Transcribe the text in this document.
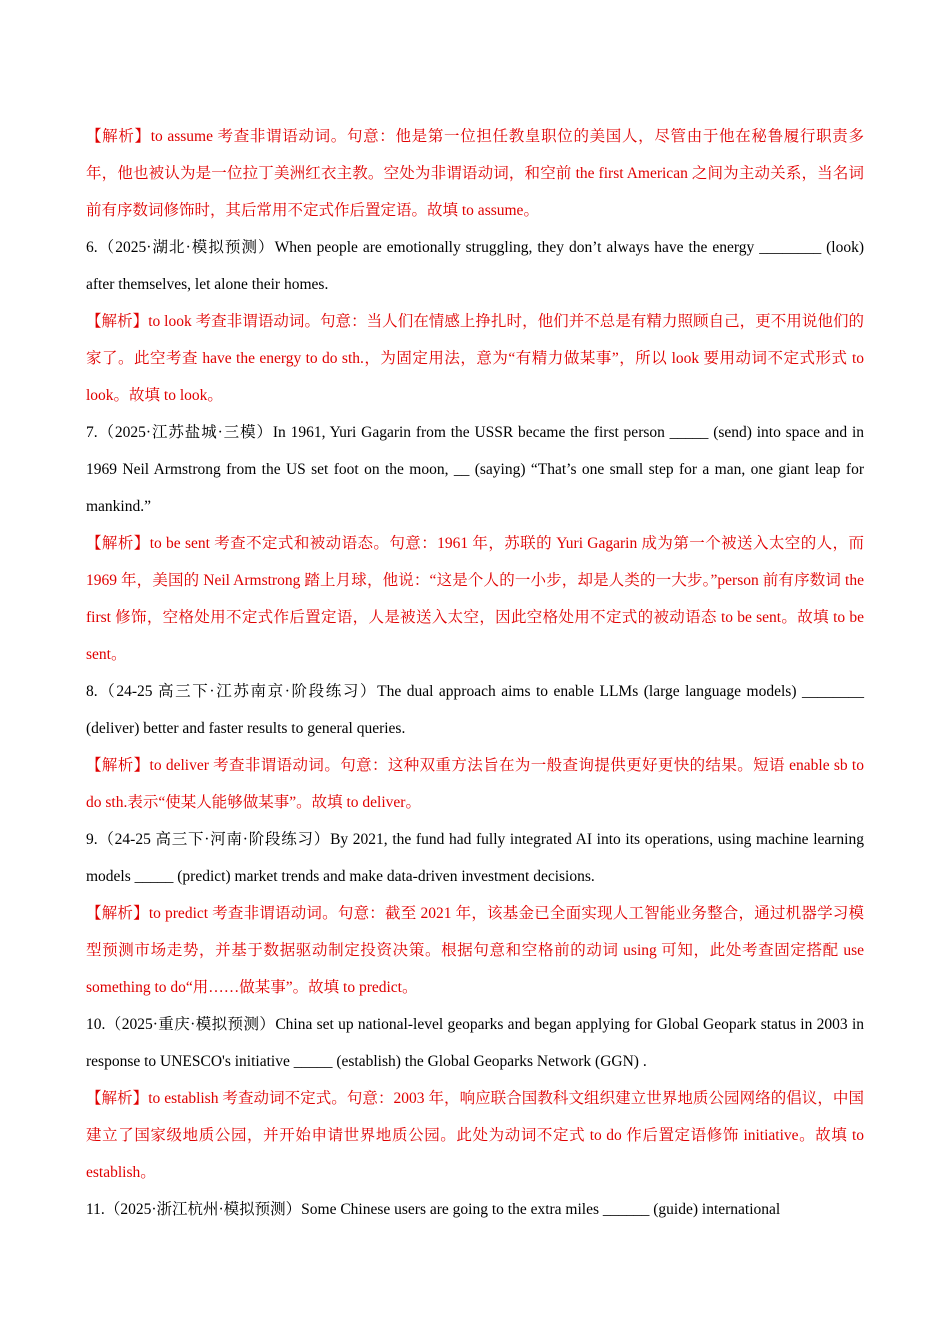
【解析】to assume 考查非谓语动词。句意：他是第一位担任教皇职位的美国人，尽管由于他在秘鲁履行职责多年，他也被认为是一位拉丁美洲红衣主教。空处为非谓语动词，和空前 the first American 之间为主动关系，当名词前有序数词修饰时，其后常用不定式作后置定语。故填 to assume。

6.（2025·湖北·模拟预测）When people are emotionally struggling, they don’t always have the energy ________ (look) after themselves, let alone their homes.

【解析】to look 考查非谓语动词。句意：当人们在情感上挣扎时，他们并不总是有精力照顾自己，更不用说他们的家了。此空考查 have the energy to do sth.，为固定用法，意为“有精力做某事”，所以 look 要用动词不定式形式 to look。故填 to look。

7.（2025·江苏盐城·三模）In 1961, Yuri Gagarin from the USSR became the first person _____ (send) into space and in 1969 Neil Armstrong from the US set foot on the moon, __ (saying) “That’s one small step for a man, one giant leap for mankind.”

【解析】to be sent 考查不定式和被动语态。句意：1961 年，苏联的 Yuri Gagarin 成为第一个被送入太空的人，而 1969 年，美国的 Neil Armstrong 踏上月球，他说：“这是个人的一小步，却是人类的一大步。”person 前有序数词 the first 修饰，空格处用不定式作后置定语，人是被送入太空，因此空格处用不定式的被动语态 to be sent。故填 to be sent。

8.（24-25 高三下·江苏南京·阶段练习）The dual approach aims to enable LLMs (large language models) ________ (deliver) better and faster results to general queries.

【解析】to deliver 考查非谓语动词。句意：这种双重方法旨在为一般查询提供更好更快的结果。短语 enable sb to do sth.表示“使某人能够做某事”。故填 to deliver。

9.（24-25 高三下·河南·阶段练习）By 2021, the fund had fully integrated AI into its operations, using machine learning models _____ (predict) market trends and make data-driven investment decisions.

【解析】to predict 考查非谓语动词。句意：截至 2021 年，该基金已全面实现人工智能业务整合，通过机器学习模型预测市场走势，并基于数据驱动制定投资决策。根据句意和空格前的动词 using 可知，此处考查固定搭配 use something to do“用……做某事”。故填 to predict。

10.（2025·重庆·模拟预测）China set up national-level geoparks and began applying for Global Geopark status in 2003 in response to UNESCO's initiative _____ (establish) the Global Geoparks Network (GGN) .

【解析】to establish 考查动词不定式。句意：2003 年，响应联合国教科文组织建立世界地质公园网络的倡议，中国建立了国家级地质公园，并开始申请世界地质公园。此处为动词不定式 to do 作后置定语修饰 initiative。故填 to establish。

11.（2025·浙江杭州·模拟预测）Some Chinese users are going to the extra miles ______ (guide) international
